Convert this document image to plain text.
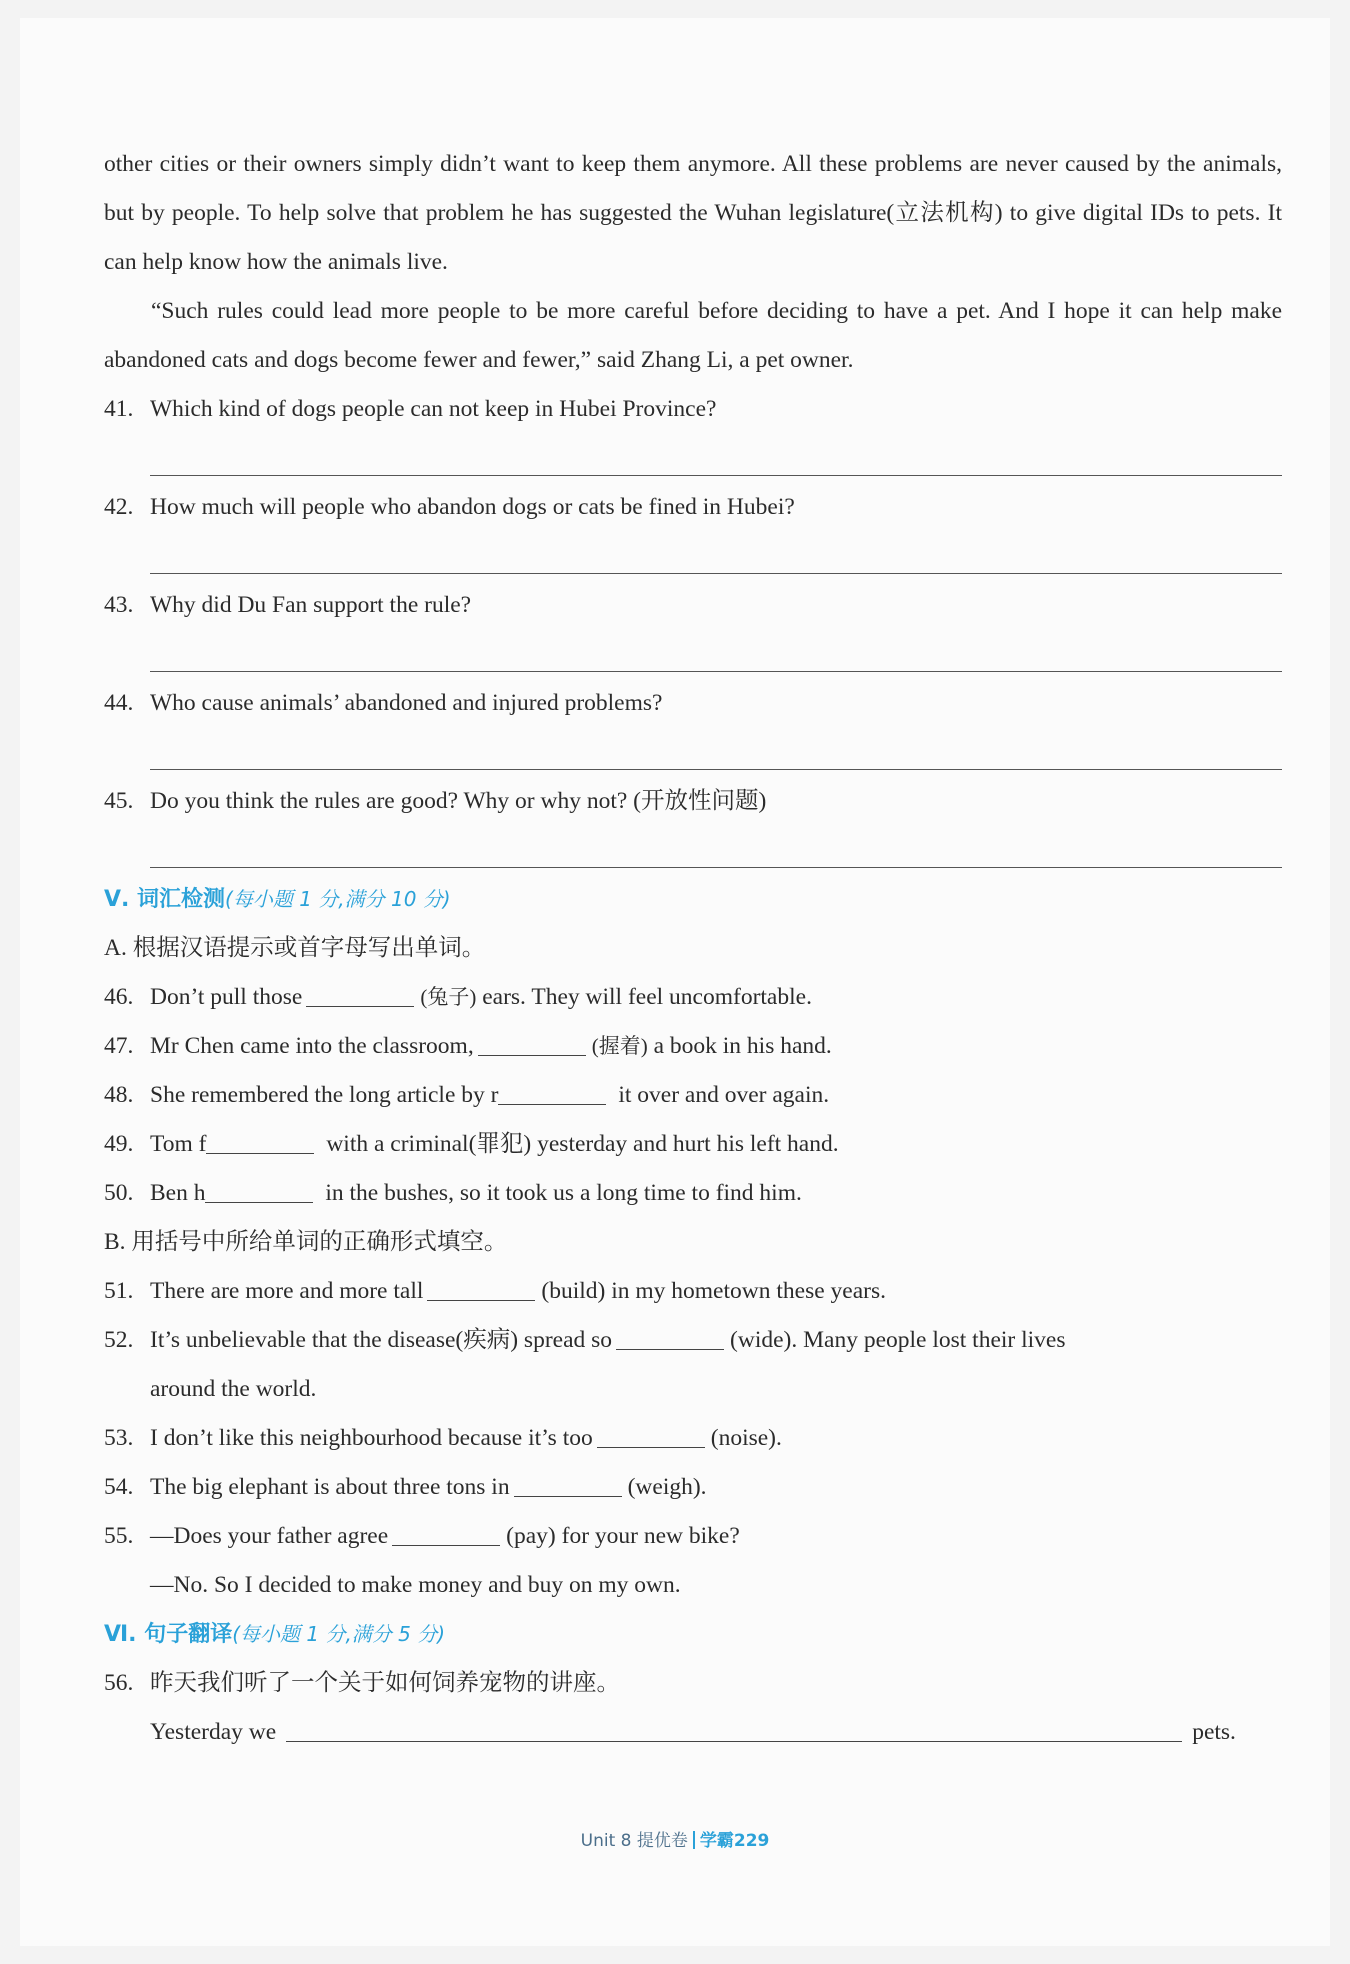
other cities or their owners simply didn’t want to keep them anymore. All these problems are never caused by the animals, but by people. To help solve that problem he has suggested the Wuhan legislature(立法机构) to give digital IDs to pets. It can help know how the animals live.

“Such rules could lead more people to be more careful before deciding to have a pet. And I hope it can help make abandoned cats and dogs become fewer and fewer,” said Zhang Li, a pet owner.

41. Which kind of dogs people can not keep in Hubei Province?
42. How much will people who abandon dogs or cats be fined in Hubei?
43. Why did Du Fan support the rule?
44. Who cause animals’ abandoned and injured problems?
45. Do you think the rules are good? Why or why not? (开放性问题)

Ⅴ. 词汇检测(每小题 1 分,满分 10 分)

A. 根据汉语提示或首字母写出单词。

46. Don’t pull those	(兔子) ears. They will feel uncomfortable.

47. Mr Chen came into the classroom,	(握着) a book in his hand.

48. She remembered the long article by r	it over and over again.

49. Tom f	with a criminal(罪犯) yesterday and hurt his left hand.

50. Ben h	in the bushes, so it took us a long time to find him.

B. 用括号中所给单词的正确形式填空。

51. There are more and more tall	(build) in my hometown these years.

52. It’s unbelievable that the disease(疾病) spread so	(wide). Many people lost their lives

around the world.

53. I don’t like this neighbourhood because it’s too	(noise).

54. The big elephant is about three tons in	(weigh).

55. —Does your father agree	(pay) for your new bike?

—No. So I decided to make money and buy on my own.

Ⅵ. 句子翻译(每小题 1 分,满分 5 分)

56. 昨天我们听了一个关于如何饲养宠物的讲座。

Yesterday we	pets.

Unit 8 提优卷 学霸229
